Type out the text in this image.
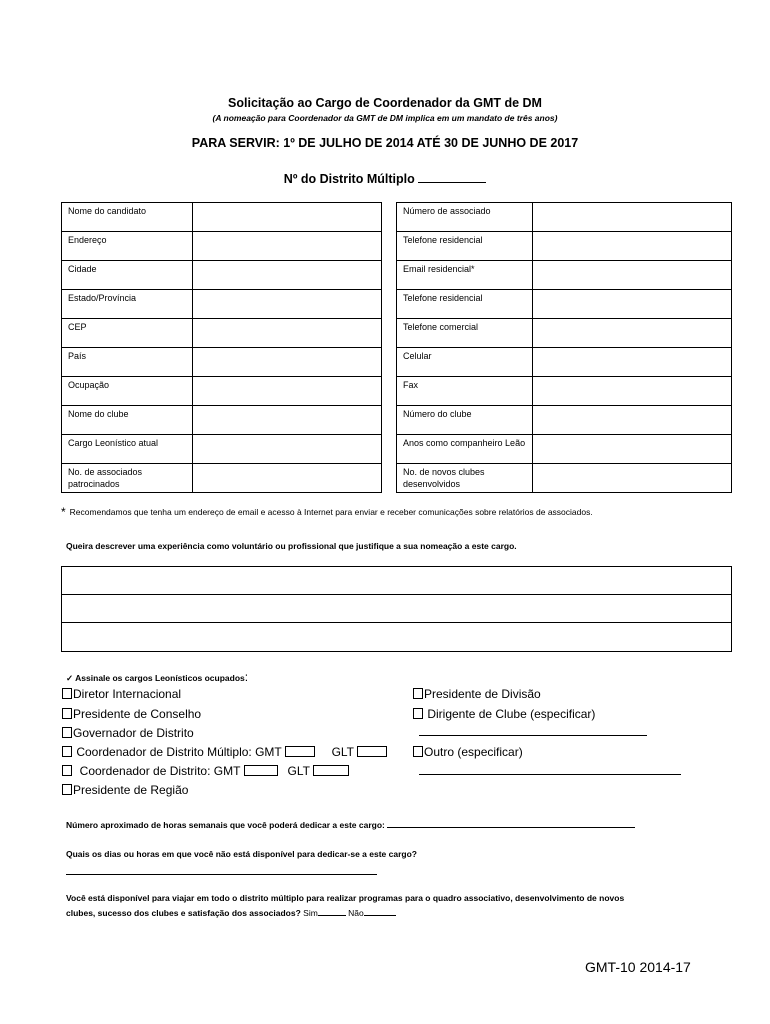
Solicitação ao Cargo de Coordenador da GMT de DM
(A nomeação para Coordenador da GMT de DM implica em um mandato de três anos)
PARA SERVIR: 1º DE JULHO DE 2014 ATÉ 30 DE JUNHO DE 2017
Nº do Distrito Múltiplo
Nome do candidato	
Endereço	
Cidade	
Estado/Província	
CEP	
País	
Ocupação	
Nome do clube	
Cargo Leonístico atual	
No. de associados patrocinados	
Número de associado	
Telefone residencial	
Email residencial*	
Telefone residencial	
Telefone comercial	
Celular	
Fax	
Número do clube	
Anos como companheiro Leão	
No. de novos clubes desenvolvidos	
* Recomendamos que tenha um endereço de email e acesso à Internet para enviar e receber comunicações sobre relatórios de associados.
Queira descrever uma experiência como voluntário ou profissional que justifique a sua nomeação a este cargo.
✓ Assinale os cargos Leonísticos ocupados:
Diretor Internacional
Presidente de Conselho
Governador de Distrito
Coordenador de Distrito Múltiplo: GMT	GLT
Coordenador de Distrito: GMT	GLT
Presidente de Região
Presidente de Divisão
Dirigente de Clube (especificar)
Outro (especificar)
Número aproximado de horas semanais que você poderá dedicar a este cargo:
Quais os dias ou horas em que você não está disponível para dedicar-se a este cargo?
Você está disponível para viajar em todo o distrito múltiplo para realizar programas para o quadro associativo, desenvolvimento de novos
clubes, sucesso dos clubes e satisfação dos associados? Sim	Não
GMT-10 2014-17
